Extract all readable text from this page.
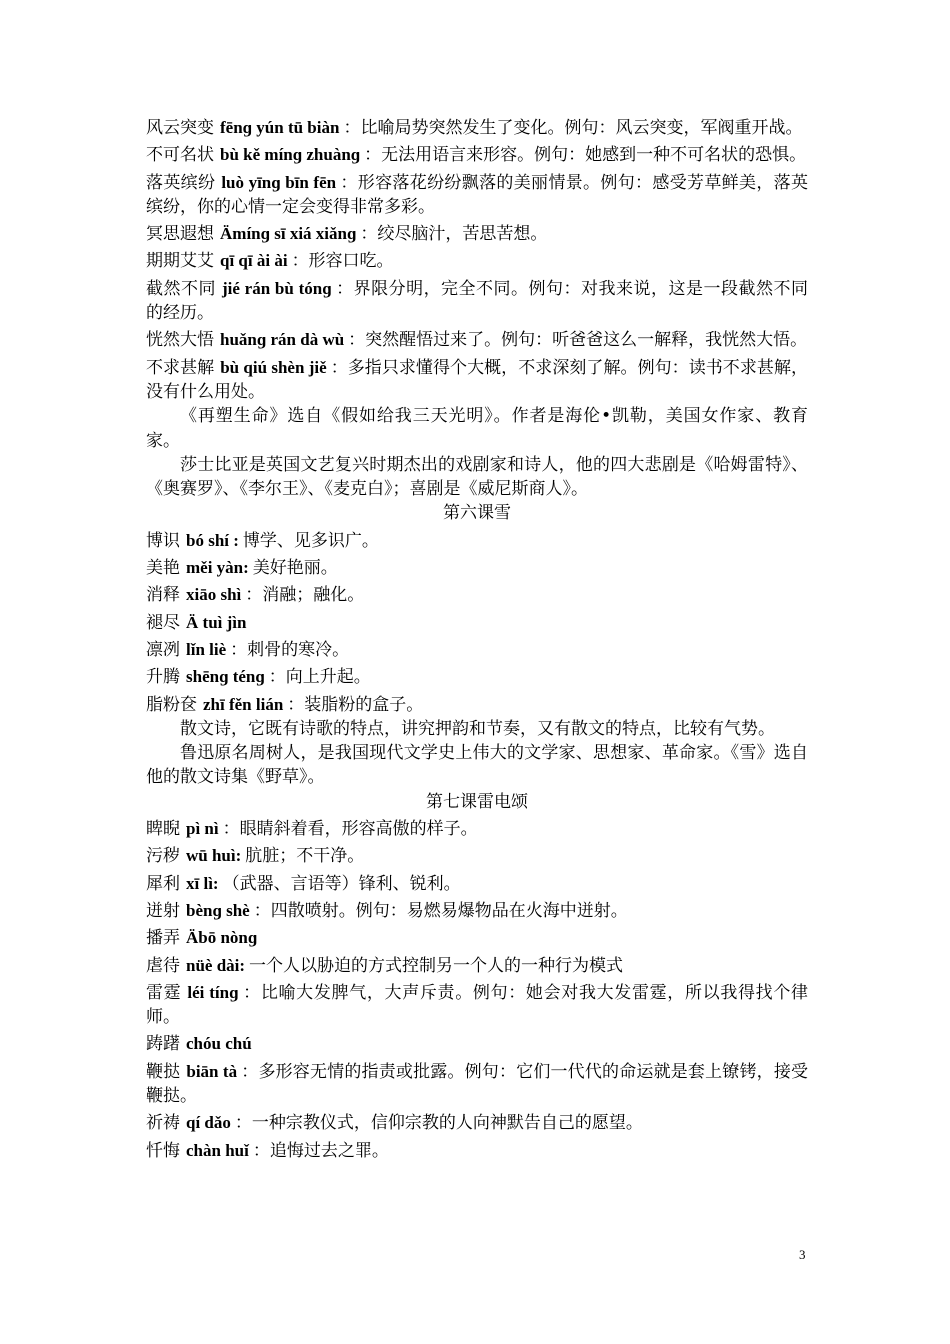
风云突变 fēnɡ yún tū biàn ：比喻局势突然发生了变化。例句：风云突变，军阀重开战。

不可名状 bù kě mínɡ zhuànɡ ：无法用语言来形容。例句：她感到一种不可名状的恐惧。

落英缤纷 luò yīnɡ bīn fēn ：形容落花纷纷飘落的美丽情景。例句：感受芳草鲜美，落英缤纷，你的心情一定会变得非常多彩。

冥思遐想 Ämínɡ sī xiá xiǎnɡ ：绞尽脑汁，苦思苦想。

期期艾艾 qī qī ài ài ：形容口吃。

截然不同 jié rán bù tónɡ ：界限分明，完全不同。例句：对我来说，这是一段截然不同的经历。

恍然大悟 huǎnɡ rán dà wù ：突然醒悟过来了。例句：听爸爸这么一解释，我恍然大悟。

不求甚解 bù qiú shèn jiě ：多指只求懂得个大概，不求深刻了解。例句：读书不求甚解，没有什么用处。

《再塑生命》选自《假如给我三天光明》。作者是海伦•凯勒，美国女作家、教育家。

莎士比亚是英国文艺复兴时期杰出的戏剧家和诗人，他的四大悲剧是《哈姆雷特》、《奥赛罗》、《李尔王》、《麦克白》；喜剧是《威尼斯商人》。

第六课雪

博识 bó shí : 博学、见多识广。

美艳 měi yàn: 美好艳丽。

消释 xiāo shì ：消融；融化。

褪尽 Ä tuì jìn

凛冽 lǐn liè ：刺骨的寒冷。

升腾 shēnɡ ténɡ ：向上升起。

脂粉奁 zhī fěn lián ：装脂粉的盒子。

散文诗，它既有诗歌的特点，讲究押韵和节奏，又有散文的特点，比较有气势。

鲁迅原名周树人，是我国现代文学史上伟大的文学家、思想家、革命家。《雪》选自他的散文诗集《野草》。

第七课雷电颂

睥睨 pì nì ：眼睛斜着看，形容高傲的样子。

污秽 wū huì: 肮脏；不干净。

犀利 xī lì: （武器、言语等）锋利、锐利。

迸射 bènɡ shè ：四散喷射。例句：易燃易爆物品在火海中迸射。

播弄 Äbō nònɡ

虐待 nüè dài: 一个人以胁迫的方式控制另一个人的一种行为模式

雷霆 léi tínɡ ：比喻大发脾气，大声斥责。例句：她会对我大发雷霆，所以我得找个律师。

踌躇 chóu chú

鞭挞 biān tà ：多形容无情的指责或批露。例句：它们一代代的命运就是套上镣铐，接受鞭挞。

祈祷 qí dǎo ：一种宗教仪式，信仰宗教的人向神默告自己的愿望。

忏悔 chàn huǐ ：追悔过去之罪。

3
